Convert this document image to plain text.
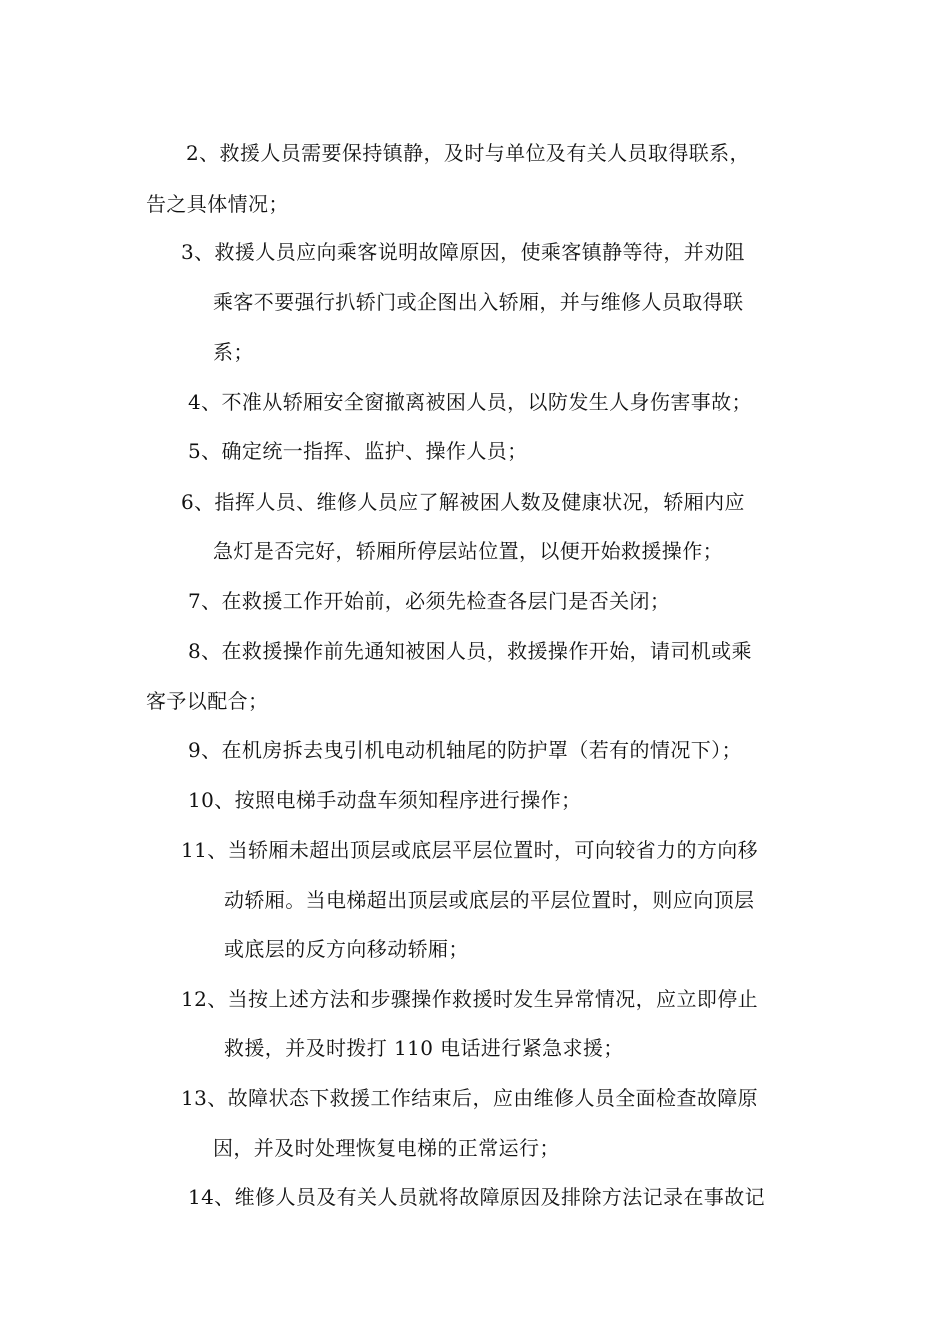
2、救援人员需要保持镇静，及时与单位及有关人员取得联系，
告之具体情况；
3、救援人员应向乘客说明故障原因，使乘客镇静等待，并劝阻
乘客不要强行扒轿门或企图出入轿厢，并与维修人员取得联
系；
4、不准从轿厢安全窗撤离被困人员，以防发生人身伤害事故；
5、确定统一指挥、监护、操作人员；
6、指挥人员、维修人员应了解被困人数及健康状况，轿厢内应
急灯是否完好，轿厢所停层站位置，以便开始救援操作；
7、在救援工作开始前，必须先检查各层门是否关闭；
8、在救援操作前先通知被困人员，救援操作开始，请司机或乘
客予以配合；
9、在机房拆去曳引机电动机轴尾的防护罩（若有的情况下）；
10、按照电梯手动盘车须知程序进行操作；
11、当轿厢未超出顶层或底层平层位置时，可向较省力的方向移
动轿厢。当电梯超出顶层或底层的平层位置时，则应向顶层
或底层的反方向移动轿厢；
12、当按上述方法和步骤操作救援时发生异常情况，应立即停止
救援，并及时拨打 110 电话进行紧急求援；
13、故障状态下救援工作结束后，应由维修人员全面检查故障原
因，并及时处理恢复电梯的正常运行；
14、维修人员及有关人员就将故障原因及排除方法记录在事故记
